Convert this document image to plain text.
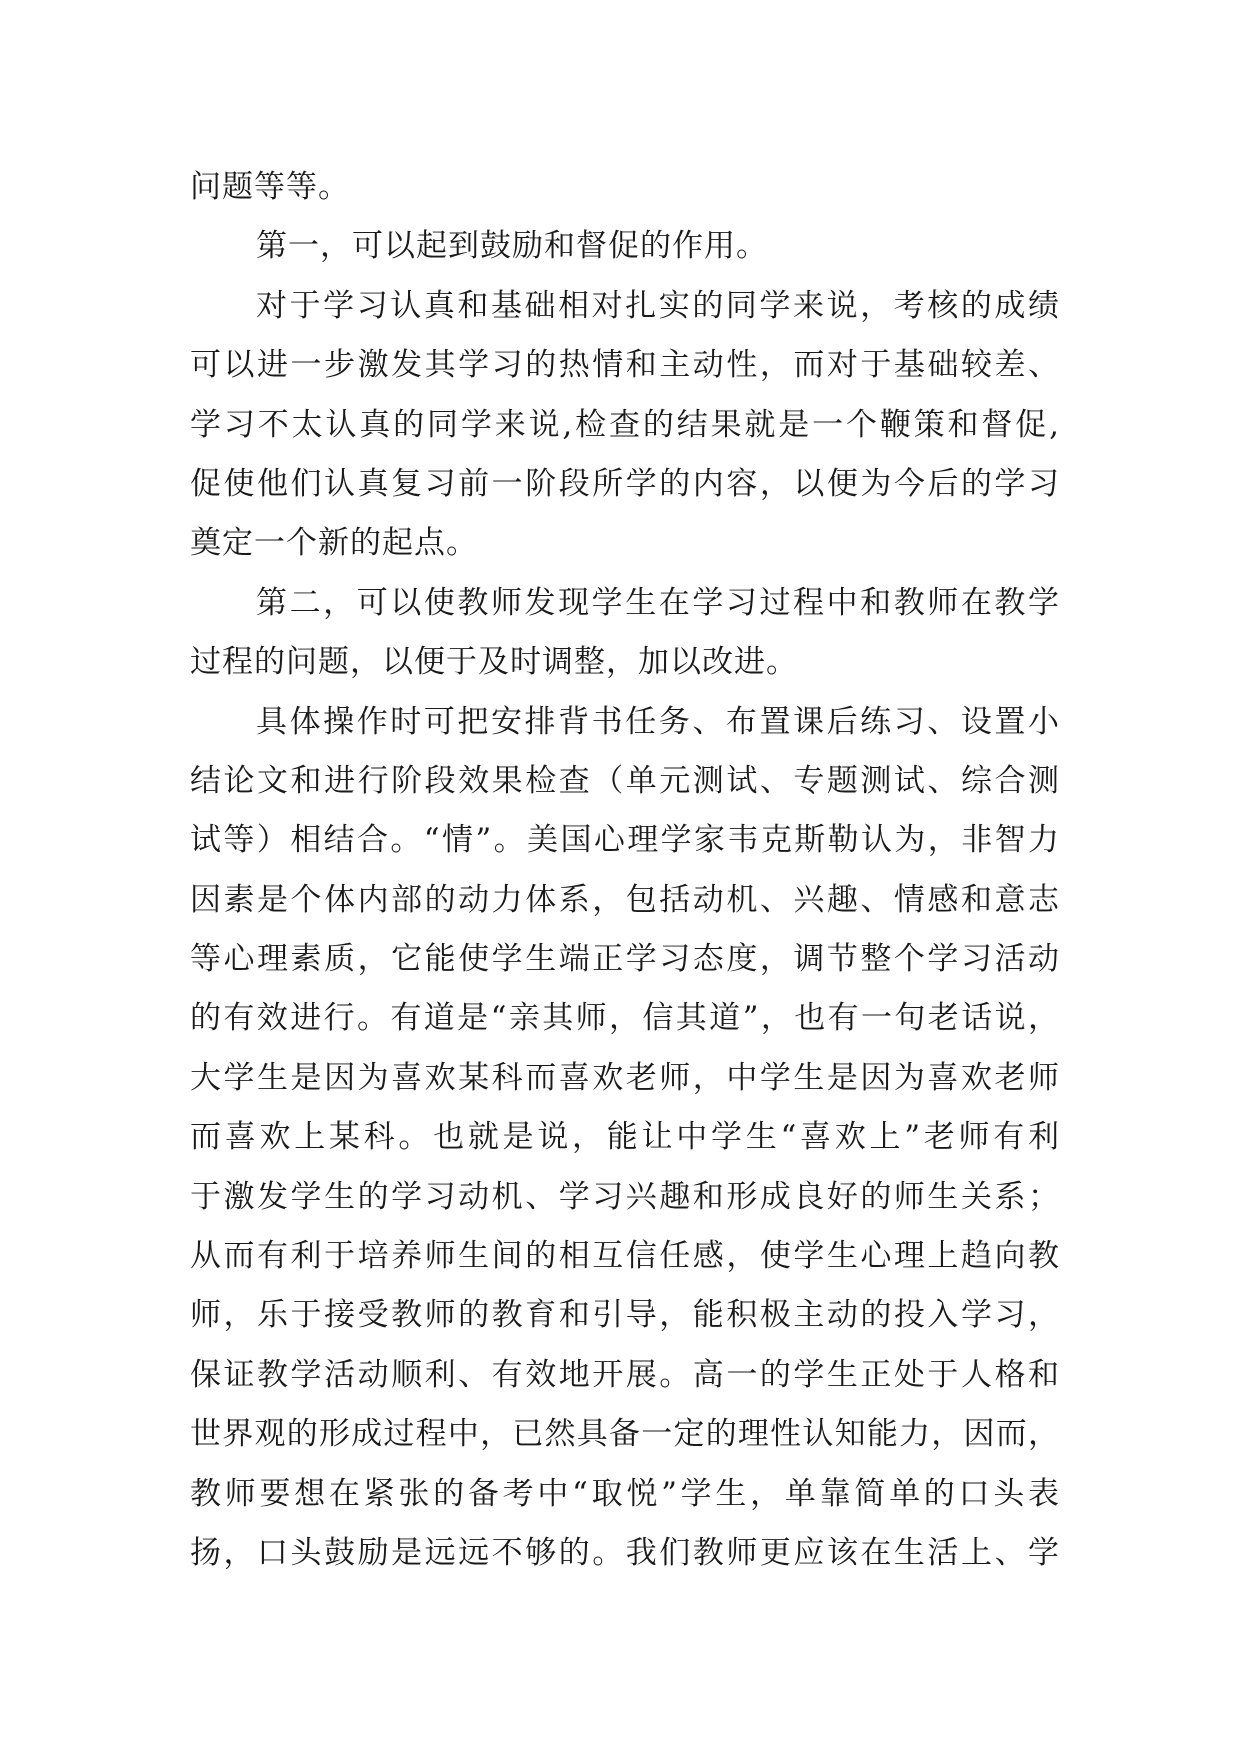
问题等等。
第一，可以起到鼓励和督促的作用。
对于学习认真和基础相对扎实的同学来说，考核的成绩
可以进一步激发其学习的热情和主动性，而对于基础较差、
学习不太认真的同学来说,检查的结果就是一个鞭策和督促,
促使他们认真复习前一阶段所学的内容，以便为今后的学习
奠定一个新的起点。
第二，可以使教师发现学生在学习过程中和教师在教学
过程的问题，以便于及时调整，加以改进。
具体操作时可把安排背书任务、布置课后练习、设置小
结论文和进行阶段效果检查（单元测试、专题测试、综合测
试等）相结合。“情”。美国心理学家韦克斯勒认为，非智力
因素是个体内部的动力体系，包括动机、兴趣、情感和意志
等心理素质，它能使学生端正学习态度，调节整个学习活动
的有效进行。有道是“亲其师，信其道”，也有一句老话说，
大学生是因为喜欢某科而喜欢老师，中学生是因为喜欢老师
而喜欢上某科。也就是说，能让中学生“喜欢上”老师有利
于激发学生的学习动机、学习兴趣和形成良好的师生关系；
从而有利于培养师生间的相互信任感，使学生心理上趋向教
师，乐于接受教师的教育和引导，能积极主动的投入学习，
保证教学活动顺利、有效地开展。高一的学生正处于人格和
世界观的形成过程中，已然具备一定的理性认知能力，因而，
教师要想在紧张的备考中“取悦”学生，单靠简单的口头表
扬，口头鼓励是远远不够的。我们教师更应该在生活上、学
